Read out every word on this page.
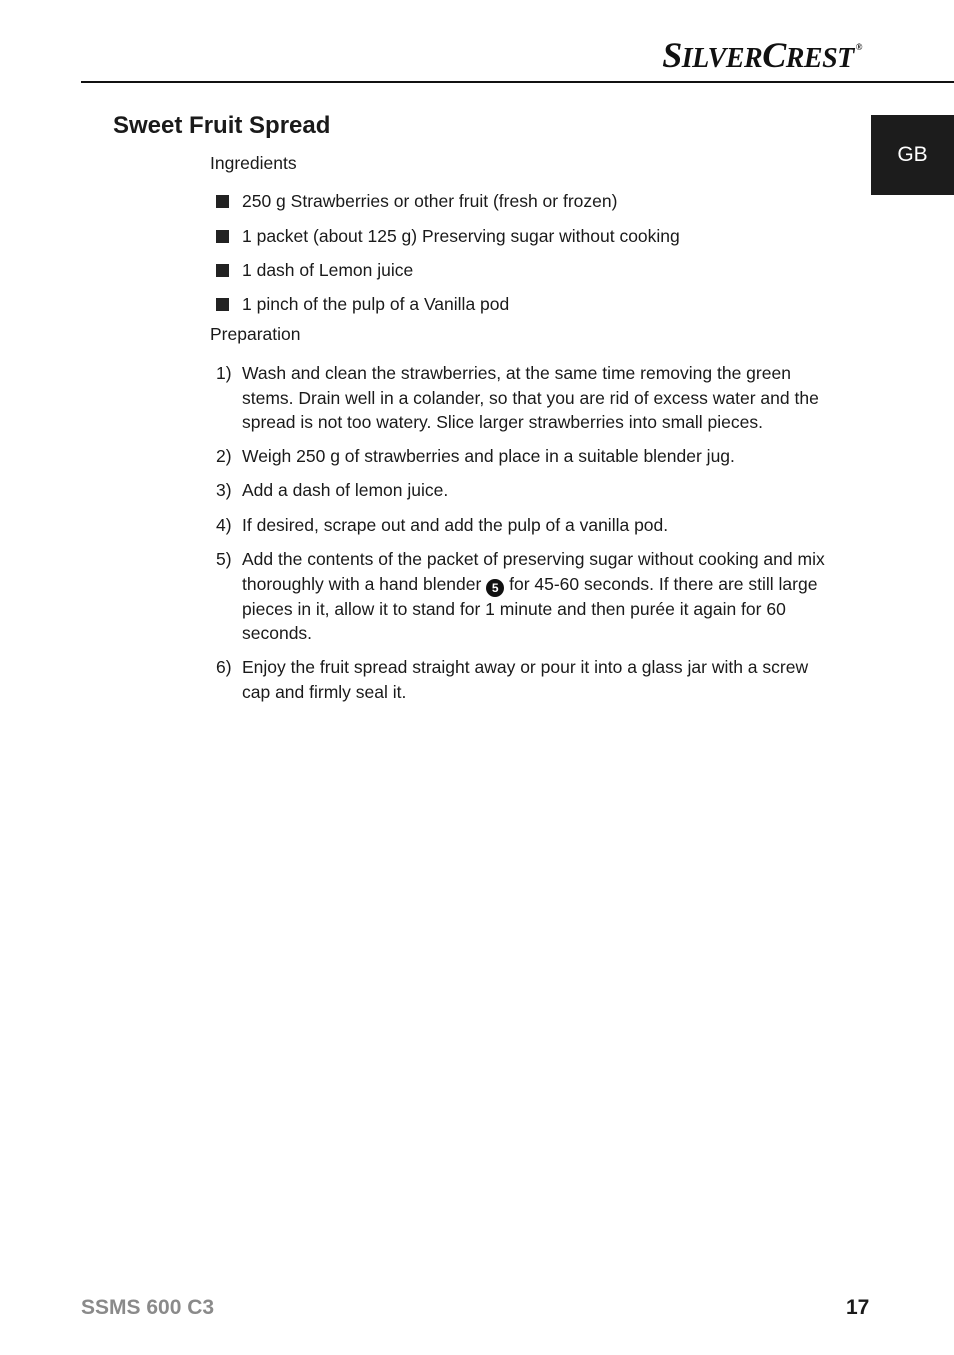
SILVERCREST ®
GB
Sweet Fruit Spread

Ingredients

250 g Strawberries or other fruit (fresh or frozen)
1 packet (about 125 g) Preserving sugar without cooking
1 dash of Lemon juice
1 pinch of the pulp of a Vanilla pod

Preparation

1) Wash and clean the strawberries, at the same time removing the green stems. Drain well in a colander, so that you are rid of excess water and the spread is not too watery. Slice larger strawberries into small pieces.
2) Weigh 250 g of strawberries and place in a suitable blender jug.
3) Add a dash of lemon juice.
4) If desired, scrape out and add the pulp of a vanilla pod.
5) Add the contents of the packet of preserving sugar without cooking and mix thoroughly with a hand blender 5 for 45-60 seconds. If there are still large pieces in it, allow it to stand for 1 minute and then purée it again for 60 seconds.
6) Enjoy the fruit spread straight away or pour it into a glass jar with a screw cap and firmly seal it.
SSMS 600 C3	17
